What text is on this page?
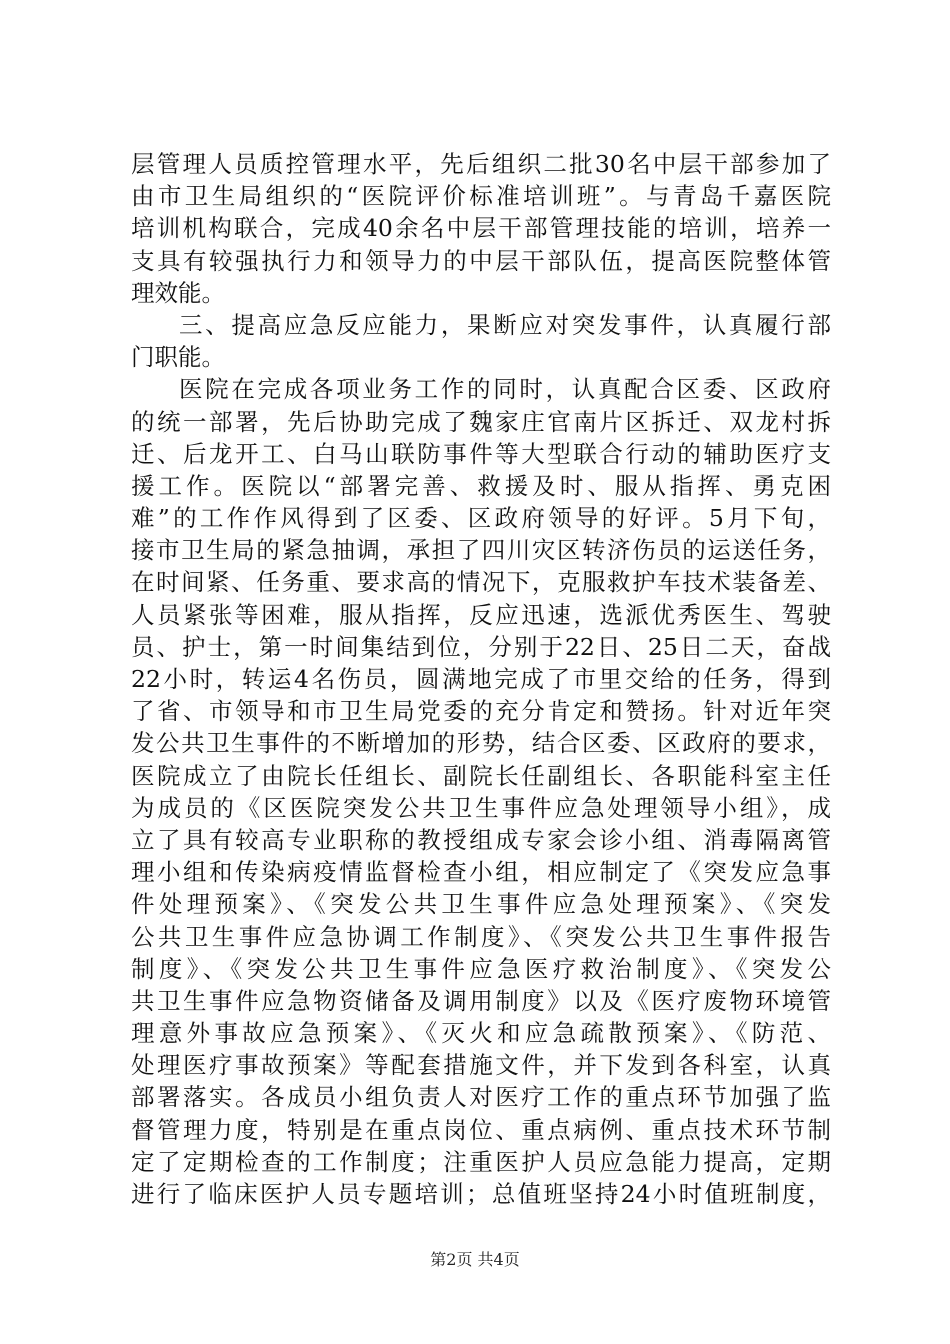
层管理人员质控管理水平，先后组织二批30名中层干部参加了
由市卫生局组织的“医院评价标准培训班”。与青岛千嘉医院
培训机构联合，完成40余名中层干部管理技能的培训，培养一
支具有较强执行力和领导力的中层干部队伍，提高医院整体管
理效能。
三、提高应急反应能力，果断应对突发事件，认真履行部
门职能。
医院在完成各项业务工作的同时，认真配合区委、区政府
的统一部署，先后协助完成了魏家庄官南片区拆迁、双龙村拆
迁、后龙开工、白马山联防事件等大型联合行动的辅助医疗支
援工作。医院以“部署完善、救援及时、服从指挥、勇克困
难”的工作作风得到了区委、区政府领导的好评。5月下旬，
接市卫生局的紧急抽调，承担了四川灾区转济伤员的运送任务，
在时间紧、任务重、要求高的情况下，克服救护车技术装备差、
人员紧张等困难，服从指挥，反应迅速，选派优秀医生、驾驶
员、护士，第一时间集结到位，分别于22日、25日二天，奋战
22小时，转运4名伤员，圆满地完成了市里交给的任务，得到
了省、市领导和市卫生局党委的充分肯定和赞扬。针对近年突
发公共卫生事件的不断增加的形势，结合区委、区政府的要求，
医院成立了由院长任组长、副院长任副组长、各职能科室主任
为成员的《区医院突发公共卫生事件应急处理领导小组》，成
立了具有较高专业职称的教授组成专家会诊小组、消毒隔离管
理小组和传染病疫情监督检查小组，相应制定了《突发应急事
件处理预案》、《突发公共卫生事件应急处理预案》、《突发
公共卫生事件应急协调工作制度》、《突发公共卫生事件报告
制度》、《突发公共卫生事件应急医疗救治制度》、《突发公
共卫生事件应急物资储备及调用制度》以及《医疗废物环境管
理意外事故应急预案》、《灭火和应急疏散预案》、《防范、
处理医疗事故预案》等配套措施文件，并下发到各科室，认真
部署落实。各成员小组负责人对医疗工作的重点环节加强了监
督管理力度，特别是在重点岗位、重点病例、重点技术环节制
定了定期检查的工作制度；注重医护人员应急能力提高，定期
进行了临床医护人员专题培训；总值班坚持24小时值班制度，
第2页 共4页
